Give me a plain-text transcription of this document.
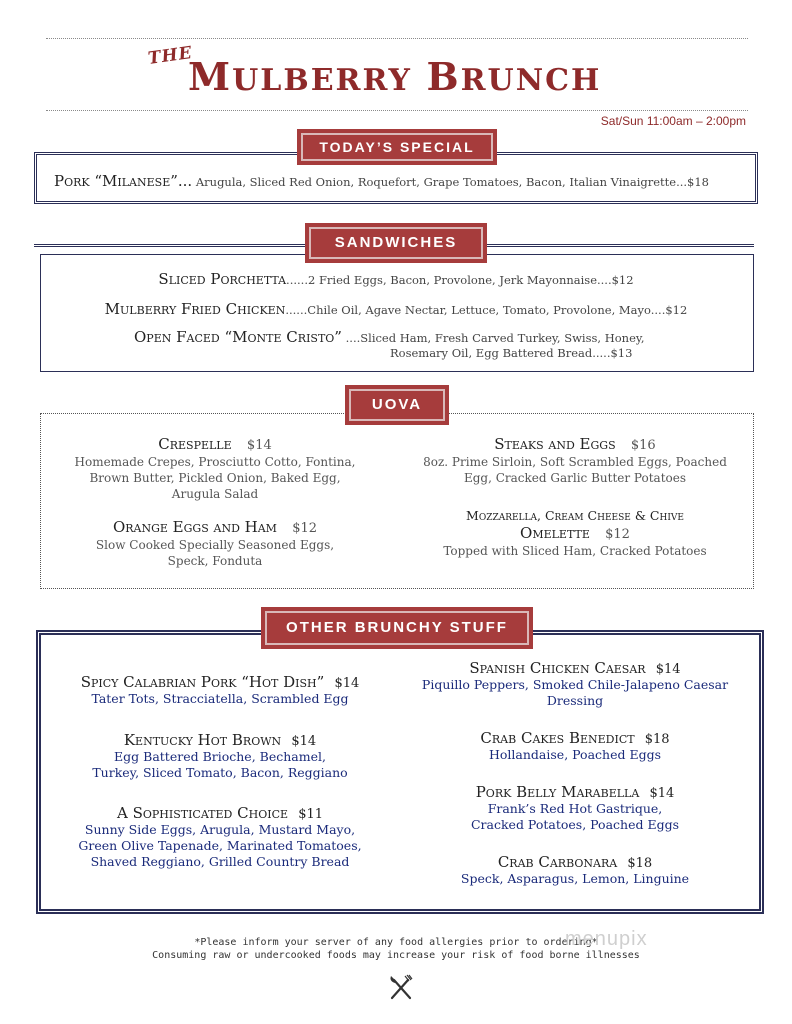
THE
MULBERRY BRUNCH
Sat/Sun 11:00am – 2:00pm
TODAY’S SPECIAL
Pork “Milanese”... Arugula, Sliced Red Onion, Roquefort, Grape Tomatoes, Bacon, Italian Vinaigrette...$18
SANDWICHES
Sliced Porchetta......2 Fried Eggs, Bacon, Provolone, Jerk Mayonnaise....$12
Mulberry Fried Chicken......Chile Oil, Agave Nectar, Lettuce, Tomato, Provolone, Mayo....$12
Open Faced “Monte Cristo” ....Sliced Ham, Fresh Carved Turkey, Swiss, Honey,
Rosemary Oil, Egg Battered Bread.....$13
UOVA
Crespelle $14
Homemade Crepes, Prosciutto Cotto, Fontina,
Brown Butter, Pickled Onion, Baked Egg,
Arugula Salad
Steaks and Eggs $16
8oz. Prime Sirloin, Soft Scrambled Eggs, Poached
Egg, Cracked Garlic Butter Potatoes
Orange Eggs and Ham $12
Slow Cooked Specially Seasoned Eggs,
Speck, Fonduta
Mozzarella, Cream Cheese & Chive
Omelette $12
Topped with Sliced Ham, Cracked Potatoes
OTHER BRUNCHY STUFF
Spicy Calabrian Pork “Hot Dish” $14
Tater Tots, Stracciatella, Scrambled Egg
Kentucky Hot Brown $14
Egg Battered Brioche, Bechamel,
Turkey, Sliced Tomato, Bacon, Reggiano
A Sophisticated Choice $11
Sunny Side Eggs, Arugula, Mustard Mayo,
Green Olive Tapenade, Marinated Tomatoes,
Shaved Reggiano, Grilled Country Bread
Spanish Chicken Caesar $14
Piquillo Peppers, Smoked Chile-Jalapeno Caesar
Dressing
Crab Cakes Benedict $18
Hollandaise, Poached Eggs
Pork Belly Marabella $14
Frank’s Red Hot Gastrique,
Cracked Potatoes, Poached Eggs
Crab Carbonara $18
Speck, Asparagus, Lemon, Linguine
*Please inform your server of any food allergies prior to ordering*
Consuming raw or undercooked foods may increase your risk of food borne illnesses
menupix
